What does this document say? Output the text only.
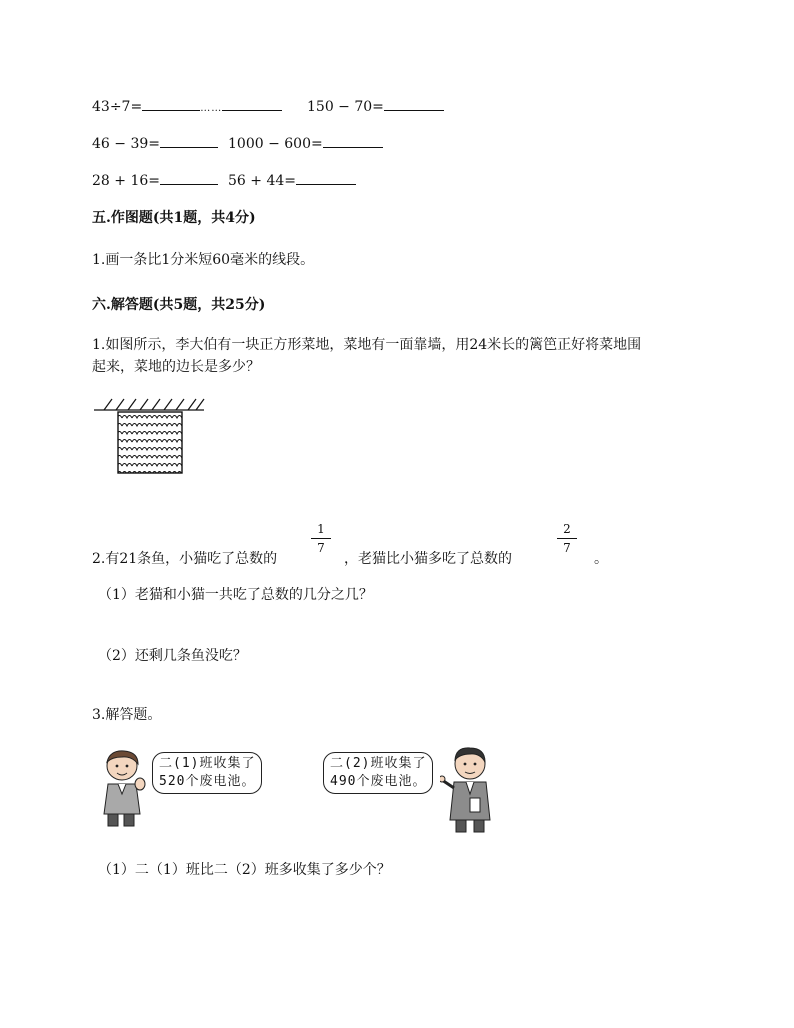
43÷7=	……	150 − 70=
46 − 39=	1000 − 600=
28 + 16=	56 + 44=
五.作图题(共1题，共4分)
1.画一条比1分米短60毫米的线段。
六.解答题(共5题，共25分)
1.如图所示，李大伯有一块正方形菜地，菜地有一面靠墙，用24米长的篱笆正好将菜地围
起来，菜地的边长是多少？
2.有21条鱼，小猫吃了总数的
1
7
，老猫比小猫多吃了总数的
2
7
。
（1）老猫和小猫一共吃了总数的几分之几？
（2）还剩几条鱼没吃？
3.解答题。
二(1)班收集了
520个废电池。
二(2)班收集了
490个废电池。
（1）二（1）班比二（2）班多收集了多少个？
